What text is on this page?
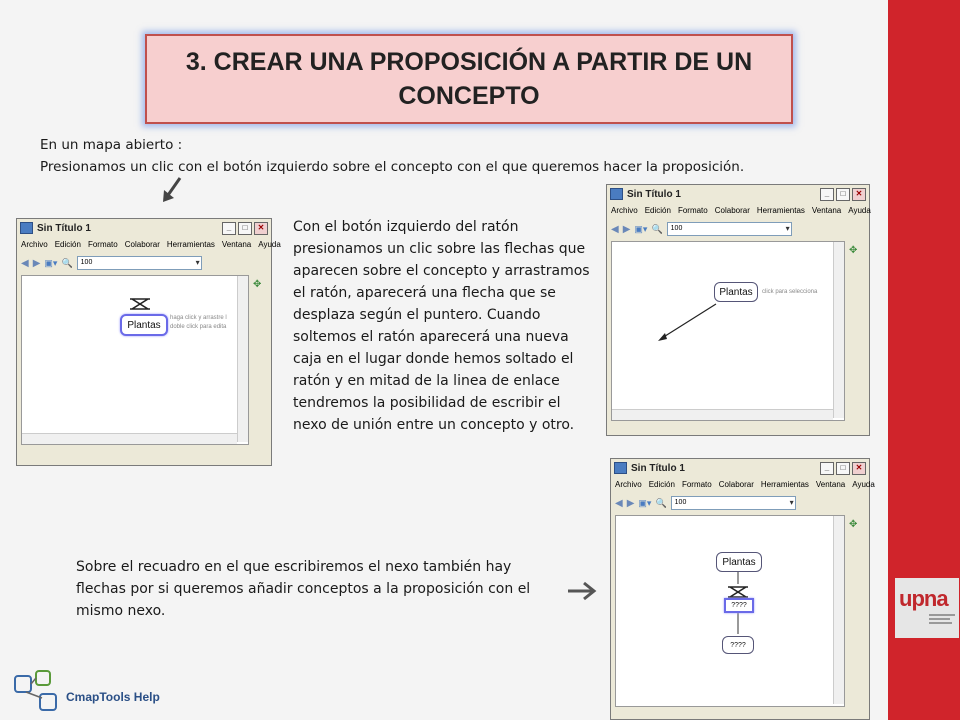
3. CREAR UNA PROPOSICIÓN A PARTIR DE UN CONCEPTO
En un mapa abierto :
Presionamos un clic con el botón izquierdo sobre el concepto con el que queremos hacer la proposición.
Sin Título 1	_	□	✕
Archivo Edición Formato Colaborar Herramientas Ventana Ayuda
◀ ▶ ▣▾ 🔍	100 ▾
Plantas
haga click y arrastre l
doble click para edita
✥
Sin Título 1	_	□	✕
Archivo Edición Formato Colaborar Herramientas Ventana Ayuda
◀ ▶ ▣▾ 🔍	100 ▾
Plantas	click para selecciona
✥
Sin Título 1	_	□	✕
Archivo Edición Formato Colaborar Herramientas Ventana Ayuda
◀ ▶ ▣▾ 🔍	100 ▾
Plantas
????
????
✥
Con el botón izquierdo del ratón presionamos un clic sobre las flechas que aparecen sobre el concepto y arrastramos el ratón, aparecerá una flecha que se desplaza según el puntero. Cuando soltemos el ratón aparecerá una nueva caja en el lugar donde hemos soltado el ratón y en mitad de la linea de enlace tendremos la posibilidad de escribir el nexo de unión entre un concepto y otro.
Sobre el recuadro en el que escribiremos el nexo también hay flechas por si queremos añadir conceptos a la proposición con el mismo nexo.
CmapTools Help
upna
